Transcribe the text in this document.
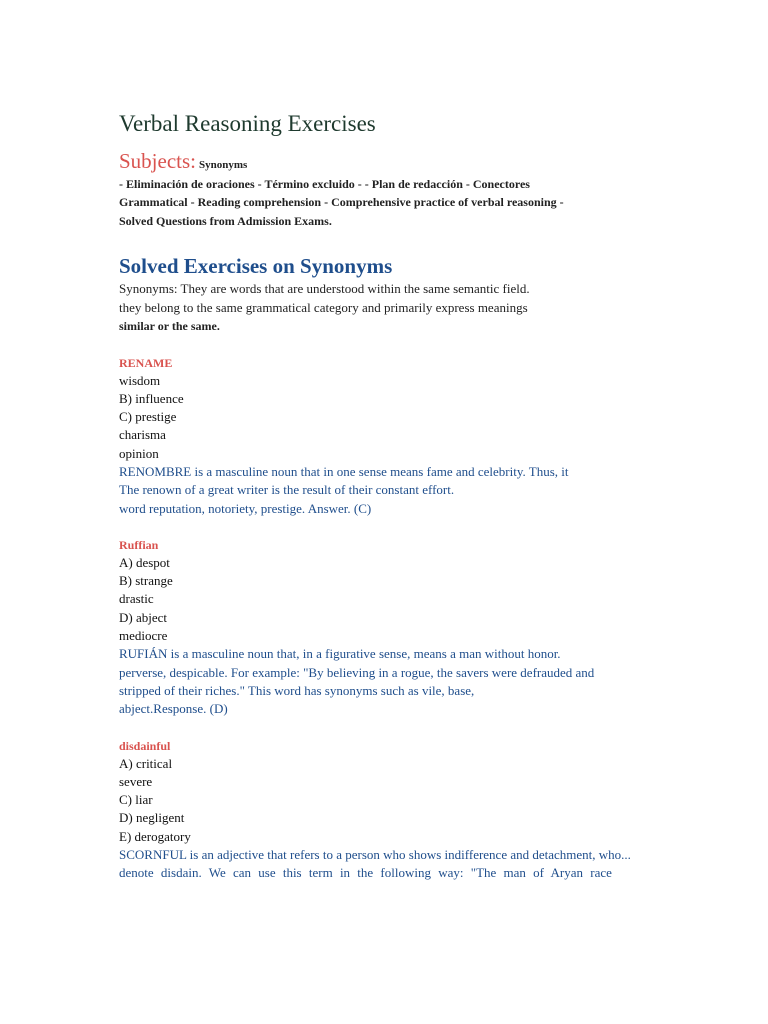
Verbal Reasoning Exercises
Subjects: Synonyms
- Eliminación de oraciones - Término excluido - - Plan de redacción - Conectores
Grammatical - Reading comprehension - Comprehensive practice of verbal reasoning -
Solved Questions from Admission Exams.
Solved Exercises on Synonyms
Synonyms: They are words that are understood within the same semantic field.
they belong to the same grammatical category and primarily express meanings
similar or the same.
RENAME
wisdom
B) influence
C) prestige
charisma
opinion
RENOMBRE is a masculine noun that in one sense means fame and celebrity. Thus, it
The renown of a great writer is the result of their constant effort.
word reputation, notoriety, prestige. Answer. (C)
Ruffian
A) despot
B) strange
drastic
D) abject
mediocre
RUFIÁN is a masculine noun that, in a figurative sense, means a man without honor.
perverse, despicable. For example: "By believing in a rogue, the savers were defrauded and
stripped of their riches." This word has synonyms such as vile, base,
abject.Response. (D)
disdainful
A) critical
severe
C) liar
D) negligent
E) derogatory
SCORNFUL is an adjective that refers to a person who shows indifference and detachment, who...
denote disdain. We can use this term in the following way: "The man of Aryan race
